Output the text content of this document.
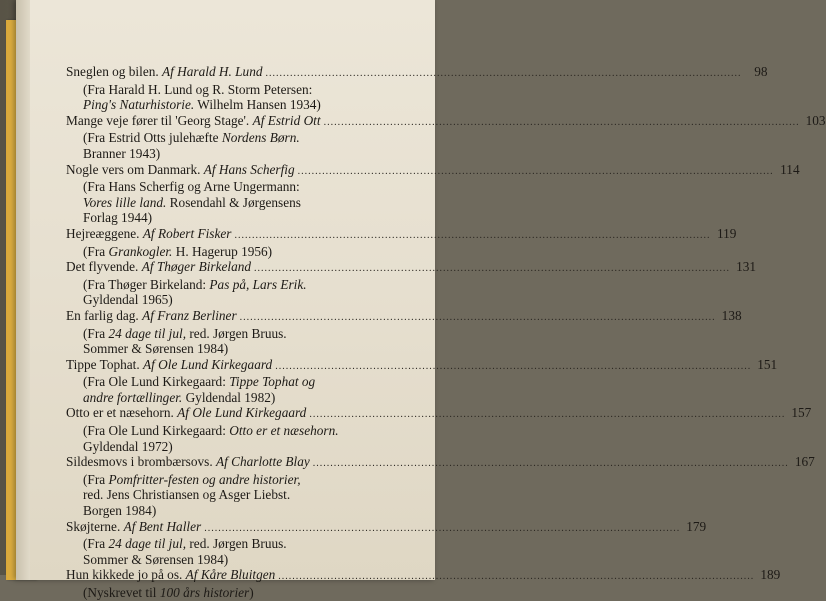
Sneglen og bilen. Af Harald H. Lund .....	98
(Fra Harald H. Lund og R. Storm Petersen:
Ping's Naturhistorie. Wilhelm Hansen 1934)
Mange veje fører til 'Georg Stage'. Af Estrid Ott .....	103
(Fra Estrid Otts julehæfte Nordens Børn.
Branner 1943)
Nogle vers om Danmark. Af Hans Scherfig .....	114
(Fra Hans Scherfig og Arne Ungermann:
Vores lille land. Rosendahl & Jørgensens
Forlag 1944)
Hejreæggene. Af Robert Fisker .....	119
(Fra Grankogler. H. Hagerup 1956)
Det flyvende. Af Thøger Birkeland .....	131
(Fra Thøger Birkeland: Pas på, Lars Erik.
Gyldendal 1965)
En farlig dag. Af Franz Berliner .....	138
(Fra 24 dage til jul, red. Jørgen Bruus.
Sommer & Sørensen 1984)
Tippe Tophat. Af Ole Lund Kirkegaard .....	151
(Fra Ole Lund Kirkegaard: Tippe Tophat og
andre fortællinger. Gyldendal 1982)
Otto er et næsehorn. Af Ole Lund Kirkegaard .....	157
(Fra Ole Lund Kirkegaard: Otto er et næsehorn.
Gyldendal 1972)
Sildesmovs i brombærsovs. Af Charlotte Blay .....	167
(Fra Pomfritter-festen og andre historier,
red. Jens Christiansen og Asger Liebst.
Borgen 1984)
Skøjterne. Af Bent Haller .....	179
(Fra 24 dage til jul, red. Jørgen Bruus.
Sommer & Sørensen 1984)
Hun kikkede jo på os. Af Kåre Bluitgen .....	189
(Nyskrevet til 100 års historier)
